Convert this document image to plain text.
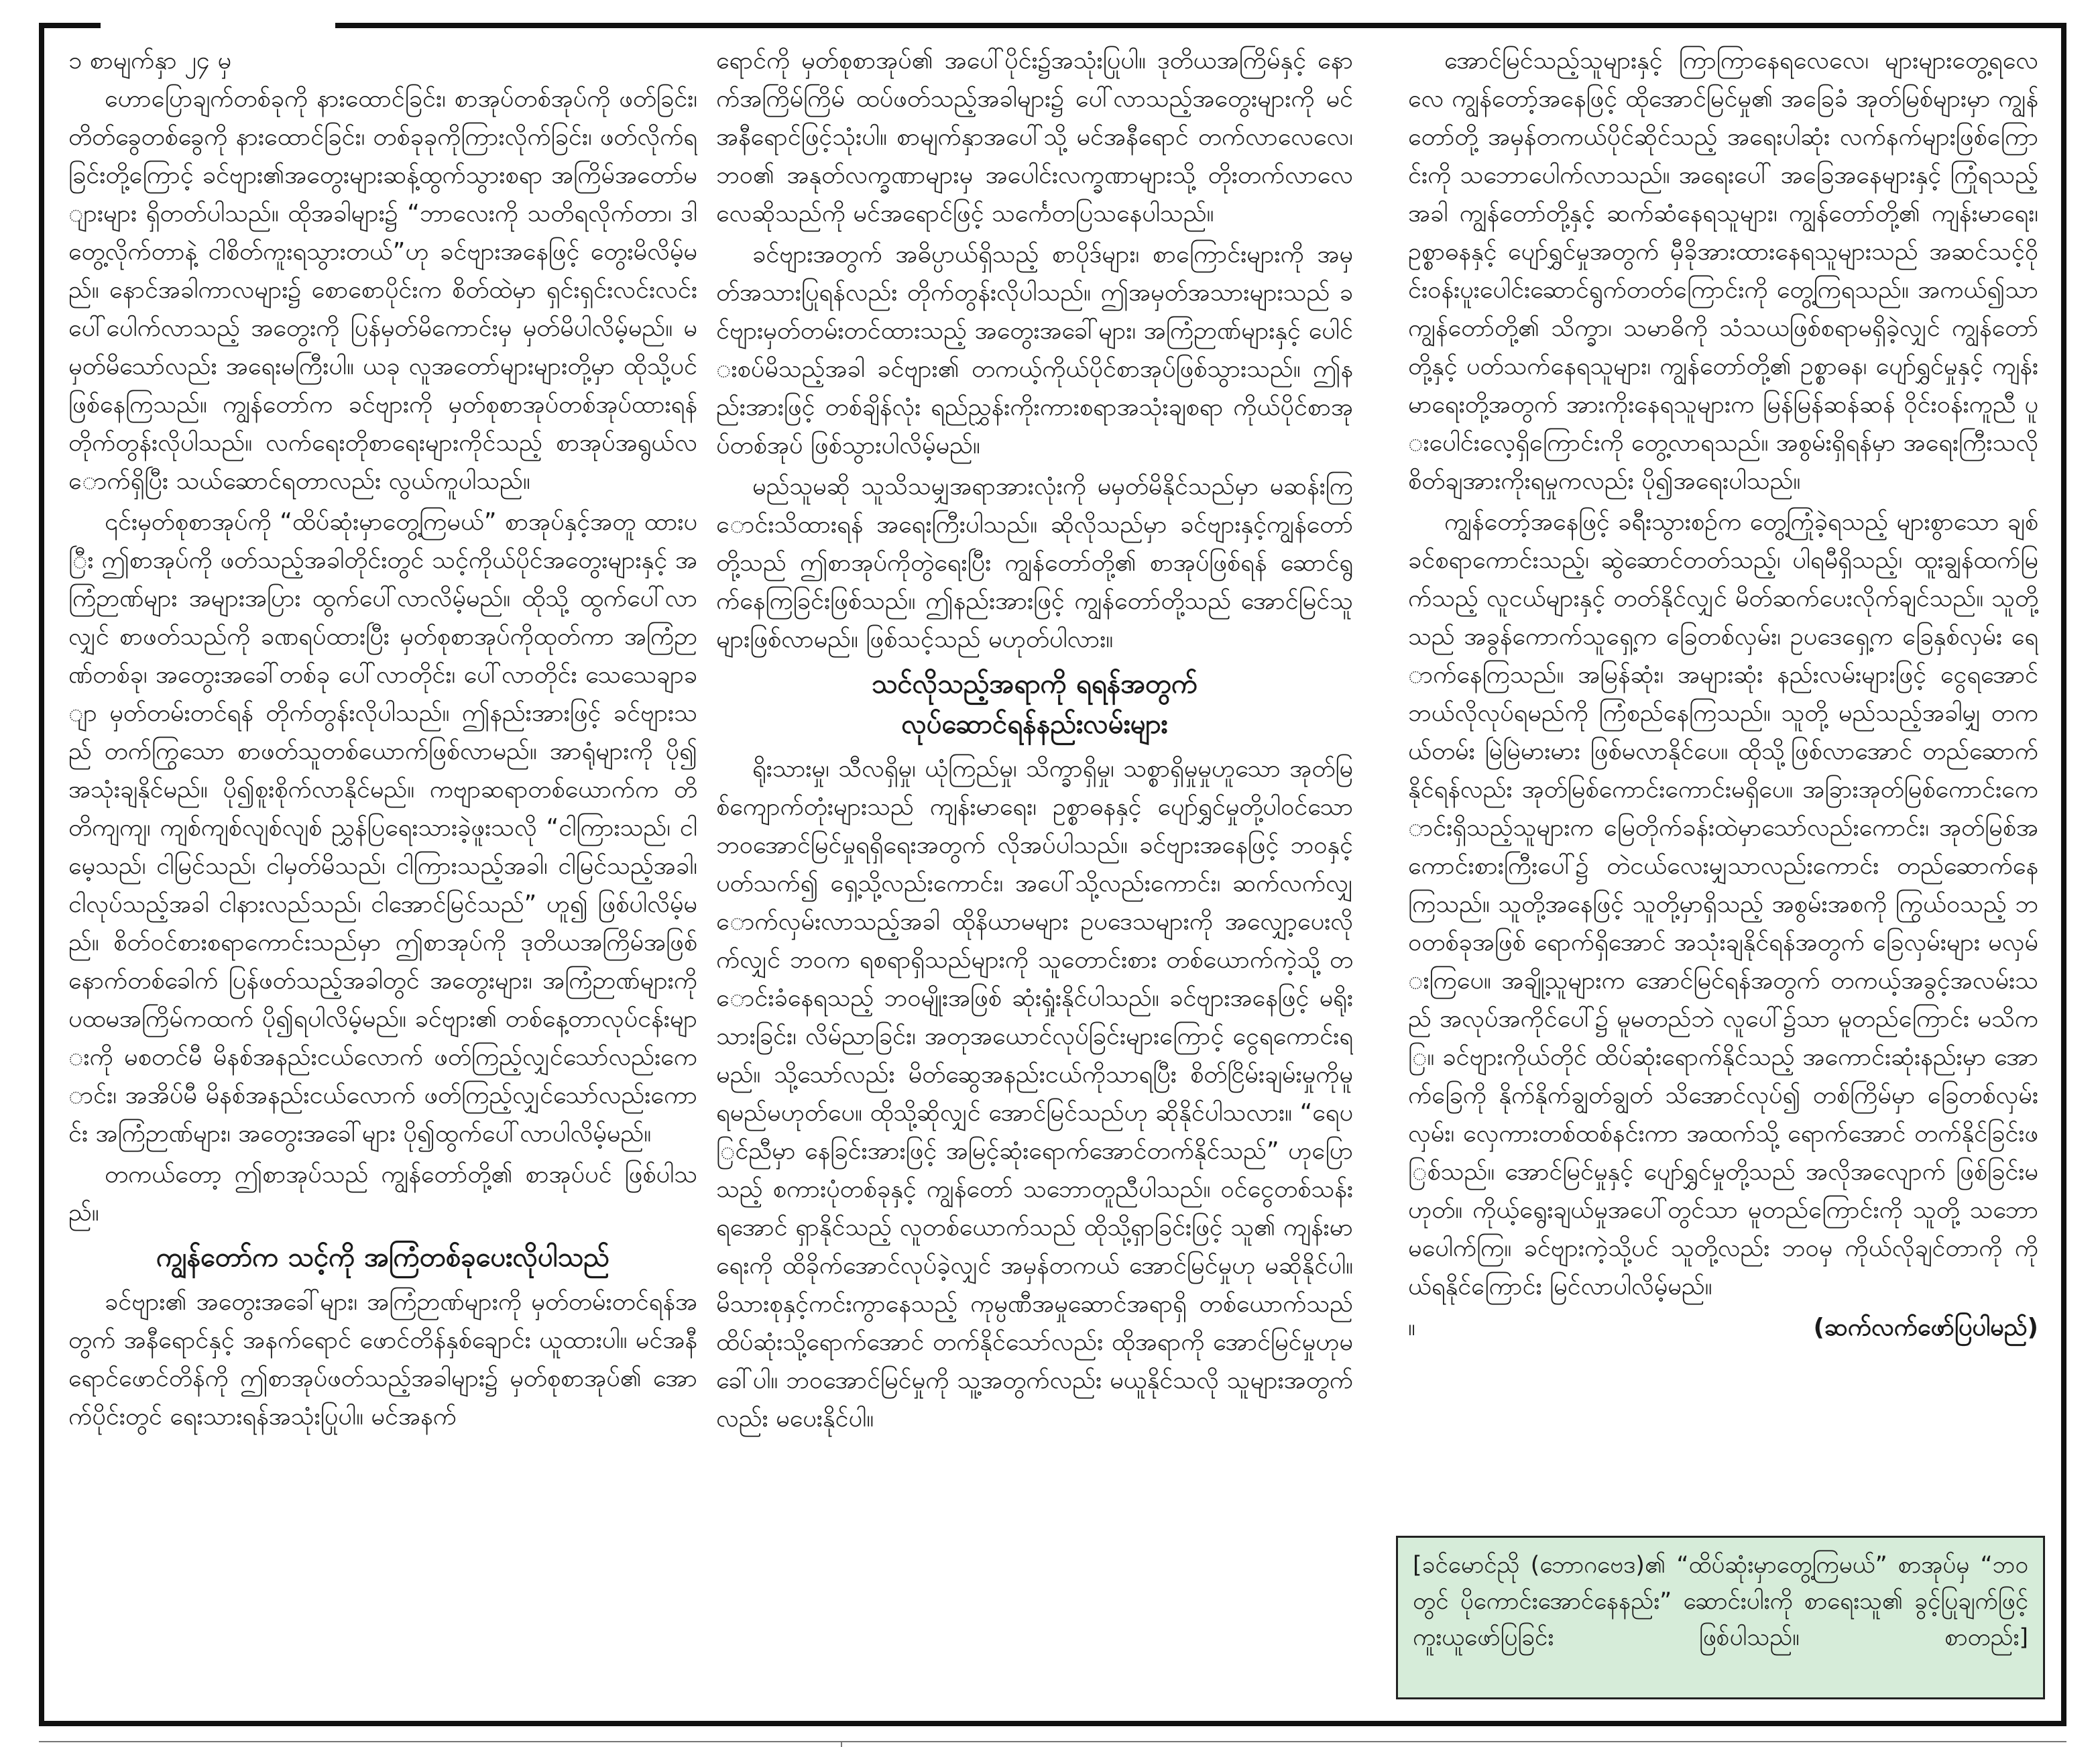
၁ စာမျက်နှာ ၂၄ မှ

ဟောပြောချက်တစ်ခုကို နားထောင်ခြင်း၊ စာအုပ်တစ်အုပ်ကို ဖတ်ခြင်း၊ တိတ်ခွေတစ်ခွေကို နားထောင်ခြင်း၊ တစ်ခုခုကိုကြားလိုက်ခြင်း၊ ဖတ်လိုက်ရခြင်းတို့ကြောင့် ခင်ဗျား၏အတွေးများဆန့်ထွက်သွားစရာ အကြိမ်အတော်များများ ရှိတတ်ပါသည်။ ထိုအခါများ၌ “ဘာလေးကို သတိရလိုက်တာ၊ ဒါတွေ့လိုက်တာနဲ့ ငါစိတ်ကူးရသွားတယ်”ဟု ခင်ဗျားအနေဖြင့် တွေးမိလိမ့်မည်။ နောင်အခါကာလများ၌ စောစောပိုင်းက စိတ်ထဲမှာ ရှင်းရှင်းလင်းလင်း ပေါ်ပေါက်လာသည့် အတွေးကို ပြန်မှတ်မိကောင်းမှ မှတ်မိပါလိမ့်မည်။ မမှတ်မိသော်လည်း အရေးမကြီးပါ။ ယခု လူအတော်များများတို့မှာ ထိုသို့ပင် ဖြစ်နေကြသည်။ ကျွန်တော်က ခင်ဗျားကို မှတ်စုစာအုပ်တစ်အုပ်ထားရန် တိုက်တွန်းလိုပါသည်။ လက်ရေးတိုစာရေးများကိုင်သည့် စာအုပ်အရွယ်လောက်ရှိပြီး သယ်ဆောင်ရတာလည်း လွယ်ကူပါသည်။

၎င်းမှတ်စုစာအုပ်ကို “ထိပ်ဆုံးမှာတွေ့ကြမယ်” စာအုပ်နှင့်အတူ ထားပြီး ဤစာအုပ်ကို ဖတ်သည့်အခါတိုင်းတွင် သင့်ကိုယ်ပိုင်အတွေးများနှင့် အကြံဉာဏ်များ အများအပြား ထွက်ပေါ်လာလိမ့်မည်။ ထိုသို့ ထွက်ပေါ်လာလျှင် စာဖတ်သည်ကို ခဏရပ်ထားပြီး မှတ်စုစာအုပ်ကိုထုတ်ကာ အကြံဉာဏ်တစ်ခု၊ အတွေးအခေါ်တစ်ခု ပေါ်လာတိုင်း၊ ပေါ်လာတိုင်း သေသေချာချာ မှတ်တမ်းတင်ရန် တိုက်တွန်းလိုပါသည်။ ဤနည်းအားဖြင့် ခင်ဗျားသည် တက်ကြွသော စာဖတ်သူတစ်ယောက်ဖြစ်လာမည်။ အာရုံများကို ပို၍အသုံးချနိုင်မည်။ ပို၍စူးစိုက်လာနိုင်မည်။ ကဗျာဆရာတစ်ယောက်က တိတိကျကျ၊ ကျစ်ကျစ်လျစ်လျစ် ညွှန်ပြရေးသားခဲ့ဖူးသလို “ငါကြားသည်၊ ငါမေ့သည်၊ ငါမြင်သည်၊ ငါမှတ်မိသည်၊ ငါကြားသည့်အခါ၊ ငါမြင်သည့်အခါ၊ ငါလုပ်သည့်အခါ ငါနားလည်သည်၊ ငါအောင်မြင်သည်” ဟူ၍ ဖြစ်ပါလိမ့်မည်။ စိတ်ဝင်စားစရာကောင်းသည်မှာ ဤစာအုပ်ကို ဒုတိယအကြိမ်အဖြစ် နောက်တစ်ခေါက် ပြန်ဖတ်သည့်အခါတွင် အတွေးများ၊ အကြံဉာဏ်များကို ပထမအကြိမ်ကထက် ပို၍ရပါလိမ့်မည်။ ခင်ဗျား၏ တစ်နေ့တာလုပ်ငန်းများကို မစတင်မီ မိနစ်အနည်းငယ်လောက် ဖတ်ကြည့်လျှင်သော်လည်းကောင်း၊ အအိပ်မီ မိနစ်အနည်းငယ်လောက် ဖတ်ကြည့်လျှင်သော်လည်းကောင်း အကြံဉာဏ်များ၊ အတွေးအခေါ်များ ပို၍ထွက်ပေါ်လာပါလိမ့်မည်။

တကယ်တော့ ဤစာအုပ်သည် ကျွန်တော်တို့၏ စာအုပ်ပင် ဖြစ်ပါသည်။

ကျွန်တော်က သင့်ကို အကြံတစ်ခုပေးလိုပါသည်

ခင်ဗျား၏ အတွေးအခေါ်များ၊ အကြံဉာဏ်များကို မှတ်တမ်းတင်ရန်အတွက် အနီရောင်နှင့် အနက်ရောင် ဖောင်တိန်နှစ်ချောင်း ယူထားပါ။ မင်အနီရောင်ဖောင်တိန်ကို ဤစာအုပ်ဖတ်သည့်အခါများ၌ မှတ်စုစာအုပ်၏ အောက်ပိုင်းတွင် ရေးသားရန်အသုံးပြုပါ။ မင်အနက်

ရောင်ကို မှတ်စုစာအုပ်၏ အပေါ်ပိုင်း၌အသုံးပြုပါ။ ဒုတိယအကြိမ်နှင့် နောက်အကြိမ်ကြိမ် ထပ်ဖတ်သည့်အခါများ၌ ပေါ်လာသည့်အတွေးများကို မင်အနီရောင်ဖြင့်သုံးပါ။ စာမျက်နှာအပေါ်သို့ မင်အနီရောင် တက်လာလေလေ၊ ဘဝ၏ အနုတ်လက္ခဏာများမှ အပေါင်းလက္ခဏာများသို့ တိုးတက်လာလေလေဆိုသည်ကို မင်အရောင်ဖြင့် သင်္ကေတပြသနေပါသည်။

ခင်ဗျားအတွက် အဓိပ္ပာယ်ရှိသည့် စာပိုဒ်များ၊ စာကြောင်းများကို အမှတ်အသားပြုရန်လည်း တိုက်တွန်းလိုပါသည်။ ဤအမှတ်အသားများသည် ခင်ဗျားမှတ်တမ်းတင်ထားသည့် အတွေးအခေါ်များ၊ အကြံဉာဏ်များနှင့် ပေါင်းစပ်မိသည့်အခါ ခင်ဗျား၏ တကယ့်ကိုယ်ပိုင်စာအုပ်ဖြစ်သွားသည်။ ဤနည်းအားဖြင့် တစ်ချိန်လုံး ရည်ညွှန်းကိုးကားစရာအသုံးချစရာ ကိုယ်ပိုင်စာအုပ်တစ်အုပ် ဖြစ်သွားပါလိမ့်မည်။

မည်သူမဆို သူသိသမျှအရာအားလုံးကို မမှတ်မိနိုင်သည်မှာ မဆန်းကြောင်းသိထားရန် အရေးကြီးပါသည်။ ဆိုလိုသည်မှာ ခင်ဗျားနှင့်ကျွန်တော်တို့သည် ဤစာအုပ်ကိုတွဲရေးပြီး ကျွန်တော်တို့၏ စာအုပ်ဖြစ်ရန် ဆောင်ရွက်နေကြခြင်းဖြစ်သည်။ ဤနည်းအားဖြင့် ကျွန်တော်တို့သည် အောင်မြင်သူများဖြစ်လာမည်။ ဖြစ်သင့်သည် မဟုတ်ပါလား။

သင်လိုသည့်အရာကို ရရန်အတွက်
လုပ်ဆောင်ရန်နည်းလမ်းများ

ရိုးသားမှု၊ သီလရှိမှု၊ ယုံကြည်မှု၊ သိက္ခာရှိမှု၊ သစ္စာရှိမှုမှုဟူသော အုတ်မြစ်ကျောက်တုံးများသည် ကျန်းမာရေး၊ ဥစ္စာဓနနှင့် ပျော်ရွှင်မှုတို့ပါဝင်သော ဘဝအောင်မြင်မှုရရှိရေးအတွက် လိုအပ်ပါသည်။ ခင်ဗျားအနေဖြင့် ဘဝနှင့်ပတ်သက်၍ ရှေ့သို့လည်းကောင်း၊ အပေါ်သို့လည်းကောင်း၊ ဆက်လက်လျှောက်လှမ်းလာသည့်အခါ ထိုနိယာမများ ဥပဒေသများကို အလျှော့ပေးလိုက်လျှင် ဘဝက ရစရာရှိသည်များကို သူတောင်းစား တစ်ယောက်ကဲ့သို့ တောင်းခံနေရသည့် ဘဝမျိုးအဖြစ် ဆုံးရှုံးနိုင်ပါသည်။ ခင်ဗျားအနေဖြင့် မရိုးသားခြင်း၊ လိမ်ညာခြင်း၊ အတုအယောင်လုပ်ခြင်းများကြောင့် ငွေရကောင်းရမည်။ သို့သော်လည်း မိတ်ဆွေအနည်းငယ်ကိုသာရပြီး စိတ်ငြိမ်းချမ်းမှုကိုမူ ရမည်မဟုတ်ပေ။ ထိုသို့ဆိုလျှင် အောင်မြင်သည်ဟု ဆိုနိုင်ပါသလား။ “ရေပြင်ညီမှာ နေခြင်းအားဖြင့် အမြင့်ဆုံးရောက်အောင်တက်နိုင်သည်” ဟုပြောသည့် စကားပုံတစ်ခုနှင့် ကျွန်တော် သဘောတူညီပါသည်။ ဝင်ငွေတစ်သန်းရအောင် ရှာနိုင်သည့် လူတစ်ယောက်သည် ထိုသို့ရှာခြင်းဖြင့် သူ၏ ကျန်းမာရေးကို ထိခိုက်အောင်လုပ်ခဲ့လျှင် အမှန်တကယ် အောင်မြင်မှုဟု မဆိုနိုင်ပါ။ မိသားစုနှင့်ကင်းကွာနေသည့် ကုမ္ပဏီအမှုဆောင်အရာရှိ တစ်ယောက်သည် ထိပ်ဆုံးသို့ရောက်အောင် တက်နိုင်သော်လည်း ထိုအရာကို အောင်မြင်မှုဟုမခေါ်ပါ။ ဘဝအောင်မြင်မှုကို သူ့အတွက်လည်း မယူနိုင်သလို သူများအတွက်လည်း မပေးနိုင်ပါ။

အောင်မြင်သည့်သူများနှင့် ကြာကြာနေရလေလေ၊ များများတွေ့ရလေလေ ကျွန်တော့်အနေဖြင့် ထိုအောင်မြင်မှု၏ အခြေခံ အုတ်မြစ်များမှာ ကျွန်တော်တို့ အမှန်တကယ်ပိုင်ဆိုင်သည့် အရေးပါဆုံး လက်နက်များဖြစ်ကြောင်းကို သဘောပေါက်လာသည်။ အရေးပေါ် အခြေအနေများနှင့် ကြုံရသည့်အခါ ကျွန်တော်တို့နှင့် ဆက်ဆံနေရသူများ၊ ကျွန်တော်တို့၏ ကျန်းမာရေး၊ ဥစ္စာဓနနှင့် ပျော်ရွှင်မှုအတွက် မှီခိုအားထားနေရသူများသည် အဆင်သင့်ဝိုင်းဝန်းပူးပေါင်းဆောင်ရွက်တတ်ကြောင်းကို တွေ့ကြရသည်။ အကယ်၍သာ ကျွန်တော်တို့၏ သိက္ခာ၊ သမာဓိကို သံသယဖြစ်စရာမရှိခဲ့လျှင် ကျွန်တော်တို့နှင့် ပတ်သက်နေရသူများ၊ ကျွန်တော်တို့၏ ဥစ္စာဓန၊ ပျော်ရွှင်မှုနှင့် ကျန်းမာရေးတို့အတွက် အားကိုးနေရသူများက မြန်မြန်ဆန်ဆန် ဝိုင်းဝန်းကူညီ ပူးပေါင်းလေ့ရှိကြောင်းကို တွေ့လာရသည်။ အစွမ်းရှိရန်မှာ အရေးကြီးသလို စိတ်ချအားကိုးရမှုကလည်း ပို၍အရေးပါသည်။

ကျွန်တော့်အနေဖြင့် ခရီးသွားစဉ်က တွေ့ကြုံခဲ့ရသည့် များစွာသော ချစ်ခင်စရာကောင်းသည့်၊ ဆွဲဆောင်တတ်သည့်၊ ပါရမီရှိသည့်၊ ထူးချွန်ထက်မြက်သည့် လူငယ်များနှင့် တတ်နိုင်လျှင် မိတ်ဆက်ပေးလိုက်ချင်သည်။ သူတို့သည် အခွန်ကောက်သူရှေ့က ခြေတစ်လှမ်း၊ ဥပဒေရှေ့က ခြေနှစ်လှမ်း ရောက်နေကြသည်။ အမြန်ဆုံး၊ အများဆုံး နည်းလမ်းများဖြင့် ငွေရအောင် ဘယ်လိုလုပ်ရမည်ကို ကြံစည်နေကြသည်။ သူတို့ မည်သည့်အခါမျှ တကယ်တမ်း မြဲမြဲမားမား ဖြစ်မလာနိုင်ပေ။ ထိုသို့ဖြစ်လာအောင် တည်ဆောက်နိုင်ရန်လည်း အုတ်မြစ်ကောင်းကောင်းမရှိပေ။ အခြားအုတ်မြစ်ကောင်းကောင်းရှိသည့်သူများက မြေတိုက်ခန်းထဲမှာသော်လည်းကောင်း၊ အုတ်မြစ်အကောင်းစားကြီးပေါ်၌ တဲငယ်လေးမျှသာလည်းကောင်း တည်ဆောက်နေကြသည်။ သူတို့အနေဖြင့် သူတို့မှာရှိသည့် အစွမ်းအစကို ကြွယ်ဝသည့် ဘဝတစ်ခုအဖြစ် ရောက်ရှိအောင် အသုံးချနိုင်ရန်အတွက် ခြေလှမ်းများ မလှမ်းကြပေ။ အချို့သူများက အောင်မြင်ရန်အတွက် တကယ့်အခွင့်အလမ်းသည် အလုပ်အကိုင်ပေါ်၌ မူမတည်ဘဲ လူပေါ်၌သာ မူတည်ကြောင်း မသိကြ။ ခင်ဗျားကိုယ်တိုင် ထိပ်ဆုံးရောက်နိုင်သည့် အကောင်းဆုံးနည်းမှာ အောက်ခြေကို နိုက်နိုက်ချွတ်ချွတ် သိအောင်လုပ်၍ တစ်ကြိမ်မှာ ခြေတစ်လှမ်းလှမ်း၊ လှေကားတစ်ထစ်နင်းကာ အထက်သို့ ရောက်အောင် တက်နိုင်ခြင်းဖြစ်သည်။ အောင်မြင်မှုနှင့် ပျော်ရွှင်မှုတို့သည် အလိုအလျောက် ဖြစ်ခြင်းမဟုတ်။ ကိုယ့်ရွေးချယ်မှုအပေါ်တွင်သာ မူတည်ကြောင်းကို သူတို့ သဘောမပေါက်ကြ။ ခင်ဗျားကဲ့သို့ပင် သူတို့လည်း ဘဝမှ ကိုယ်လိုချင်တာကို ကိုယ်ရနိုင်ကြောင်း မြင်လာပါလိမ့်မည်။

။	(ဆက်လက်ဖော်ပြပါမည်)

[ခင်မောင်ညို (ဘောဂဗေဒ)၏ “ထိပ်ဆုံးမှာတွေ့ကြမယ်” စာအုပ်မှ “ဘဝတွင် ပိုကောင်းအောင်နေနည်း” ဆောင်းပါးကို စာရေးသူ၏ ခွင့်ပြုချက်ဖြင့် ကူးယူဖော်ပြခြင်း ဖြစ်ပါသည်။ စာတည်း]
